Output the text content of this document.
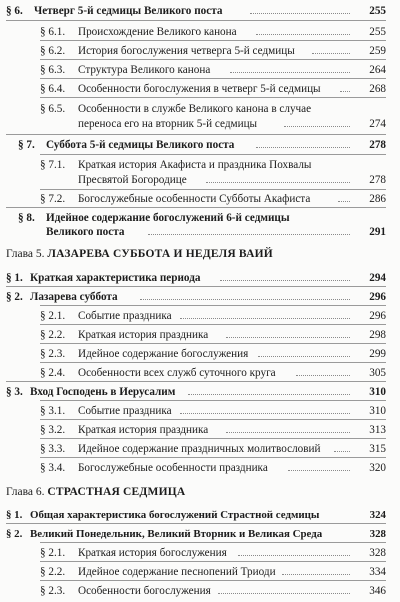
§ 6. Четверг 5-й седмицы Великого поста	255
§ 6.1. Происхождение Великого канона	255
§ 6.2. История богослужения четверга 5-й седмицы	259
§ 6.3. Структура Великого канона	264
§ 6.4. Особенности богослужения в четверг 5-й седмицы	268
§ 6.5. Особенности в службе Великого канона в случае
переноса его на вторник 5-й седмицы	274
§ 7. Суббота 5-й седмицы Великого поста	278
§ 7.1. Краткая история Акафиста и праздника Похвалы
Пресвятой Богородице	278
§ 7.2. Богослужебные особенности Субботы Акафиста	286
§ 8. Идейное содержание богослужений 6-й седмицы
Великого поста	291
Глава 5. ЛАЗАРЕВА СУББОТА И НЕДЕЛЯ ВАИЙ
§ 1. Краткая характеристика периода	294
§ 2. Лазарева суббота	296
§ 2.1. Событие праздника	296
§ 2.2. Краткая история праздника	298
§ 2.3. Идейное содержание богослужения	299
§ 2.4. Особенности всех служб суточного круга	305
§ 3. Вход Господень в Иерусалим	310
§ 3.1. Событие праздника	310
§ 3.2. Краткая история праздника	313
§ 3.3. Идейное содержание праздничных молитвословий	315
§ 3.4. Богослужебные особенности праздника	320
Глава 6. СТРАСТНАЯ СЕДМИЦА
§ 1. Общая характеристика богослужений Страстной седмицы	324
§ 2. Великий Понедельник, Великий Вторник и Великая Среда	328
§ 2.1. Краткая история богослужения	328
§ 2.2. Идейное содержание песнопений Триоди	334
§ 2.3. Особенности богослужения	346
